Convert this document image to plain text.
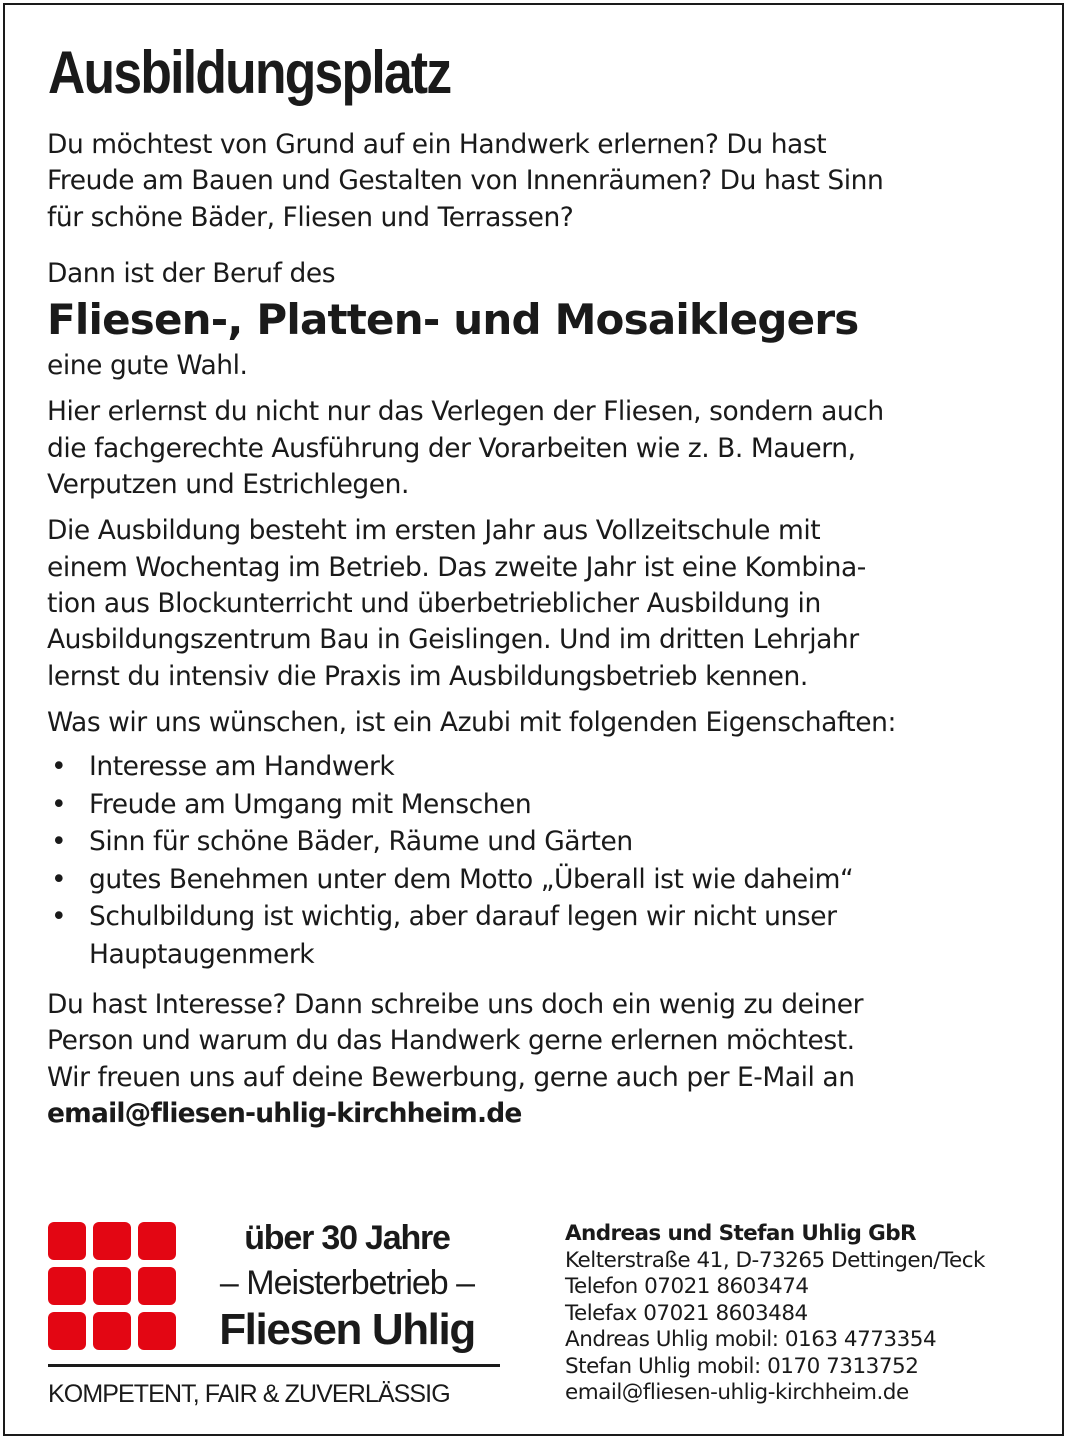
Ausbildungsplatz

Du möchtest von Grund auf ein Handwerk erlernen? Du hast
Freude am Bauen und Gestalten von Innenräumen? Du hast Sinn
für schöne Bäder, Fliesen und Terrassen?

Dann ist der Beruf des

Fliesen-, Platten- und Mosaiklegers

eine gute Wahl.

Hier erlernst du nicht nur das Verlegen der Fliesen, sondern auch
die fachgerechte Ausführung der Vorarbeiten wie z. B. Mauern,
Verputzen und Estrichlegen.

Die Ausbildung besteht im ersten Jahr aus Vollzeitschule mit
einem Wochentag im Betrieb. Das zweite Jahr ist eine Kombina-
tion aus Blockunterricht und überbetrieblicher Ausbildung in
Ausbildungszentrum Bau in Geislingen. Und im dritten Lehrjahr
lernst du intensiv die Praxis im Ausbildungsbetrieb kennen.

Was wir uns wünschen, ist ein Azubi mit folgenden Eigenschaften:

• Interesse am Handwerk
• Freude am Umgang mit Menschen
• Sinn für schöne Bäder, Räume und Gärten
• gutes Benehmen unter dem Motto „Überall ist wie daheim“
• Schulbildung ist wichtig, aber darauf legen wir nicht unser
Hauptaugenmerk

Du hast Interesse? Dann schreibe uns doch ein wenig zu deiner
Person und warum du das Handwerk gerne erlernen möchtest.
Wir freuen uns auf deine Bewerbung, gerne auch per E-Mail an
email@fliesen-uhlig-kirchheim.de

über 30 Jahre
– Meisterbetrieb –
Fliesen Uhlig
KOMPETENT, FAIR & ZUVERLÄSSIG
Andreas und Stefan Uhlig GbR
Kelterstraße 41, D-73265 Dettingen/Teck
Telefon 07021 8603474
Telefax 07021 8603484
Andreas Uhlig mobil: 0163 4773354
Stefan Uhlig mobil: 0170 7313752
email@fliesen-uhlig-kirchheim.de
